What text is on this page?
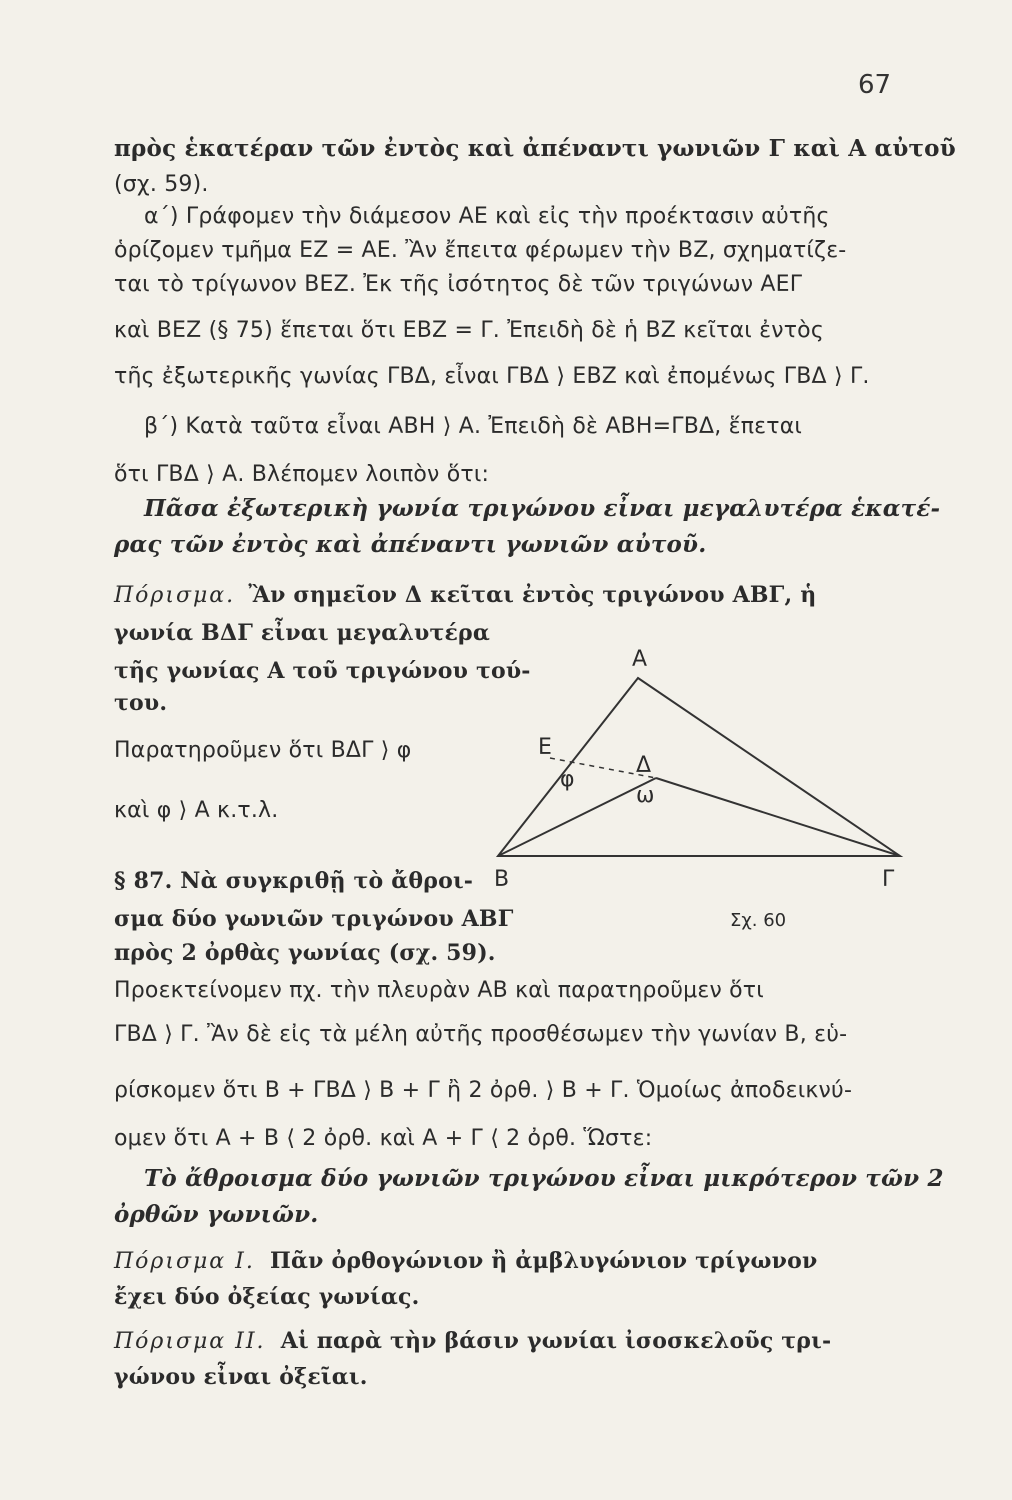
67
πρὸς ἑκατέραν τῶν ἐντὸς καὶ ἀπέναντι γωνιῶν Γ καὶ Α αὐτοῦ
(σχ. 59).
α΄) Γράφομεν τὴν διάμεσον ΑΕ καὶ εἰς τὴν προέκτασιν αὐτῆς
ὁρίζομεν τμῆμα ΕΖ = ΑΕ. Ἂν ἔπειτα φέρωμεν τὴν ΒΖ, σχηματίζε-
ται τὸ τρίγωνον ΒΕΖ. Ἐκ τῆς ἰσότητος δὲ τῶν τριγώνων ΑΕΓ
καὶ ΒΕΖ (§ 75) ἕπεται ὅτι ΕΒΖ = Γ. Ἐπειδὴ δὲ ἡ ΒΖ κεῖται ἐντὸς
τῆς ἐξωτερικῆς γωνίας ΓΒΔ, εἶναι ΓΒΔ ⟩ ΕΒΖ καὶ ἐπομένως ΓΒΔ ⟩ Γ.
β΄) Κατὰ ταῦτα εἶναι ΑΒΗ ⟩ Α. Ἐπειδὴ δὲ ΑΒΗ=ΓΒΔ, ἕπεται
ὅτι ΓΒΔ ⟩ Α. Βλέπομεν λοιπὸν ὅτι:
Πᾶσα ἐξωτερικὴ γωνία τριγώνου εἶναι μεγαλυτέρα ἑκατέ-
ρας τῶν ἐντὸς καὶ ἀπέναντι γωνιῶν αὐτοῦ.
Πόρισμα. Ἂν σημεῖον Δ κεῖται ἐντὸς τριγώνου ΑΒΓ, ἡ
γωνία ΒΔΓ εἶναι μεγαλυτέρα
τῆς γωνίας Α τοῦ τριγώνου τού-
του.
Παρατηροῦμεν ὅτι ΒΔΓ ⟩ φ
καὶ φ ⟩ Α κ.τ.λ.
§ 87. Νὰ συγκριθῇ τὸ ἄθροι-
σμα δύο γωνιῶν τριγώνου ΑΒΓ
πρὸς 2 ὀρθὰς γωνίας (σχ. 59).
Προεκτείνομεν πχ. τὴν πλευρὰν ΑΒ καὶ παρατηροῦμεν ὅτι
ΓΒΔ ⟩ Γ. Ἂν δὲ εἰς τὰ μέλη αὐτῆς προσθέσωμεν τὴν γωνίαν Β, εὑ-
ρίσκομεν ὅτι Β + ΓΒΔ ⟩ Β + Γ ἢ 2 ὀρθ. ⟩ Β + Γ. Ὁμοίως ἀποδεικνύ-
ομεν ὅτι Α + Β ⟨ 2 ὀρθ. καὶ Α + Γ ⟨ 2 ὀρθ. Ὥστε:
Τὸ ἄθροισμα δύο γωνιῶν τριγώνου εἶναι μικρότερον τῶν 2
ὀρθῶν γωνιῶν.
Πόρισμα Ι. Πᾶν ὀρθογώνιον ἢ ἀμβλυγώνιον τρίγωνον
ἔχει δύο ὀξείας γωνίας.
Πόρισμα ΙΙ. Αἱ παρὰ τὴν βάσιν γωνίαι ἰσοσκελοῦς τρι-
γώνου εἶναι ὀξεῖαι.
Α
Β	Γ
Ε
Δ
φ
ω
Σχ. 60
